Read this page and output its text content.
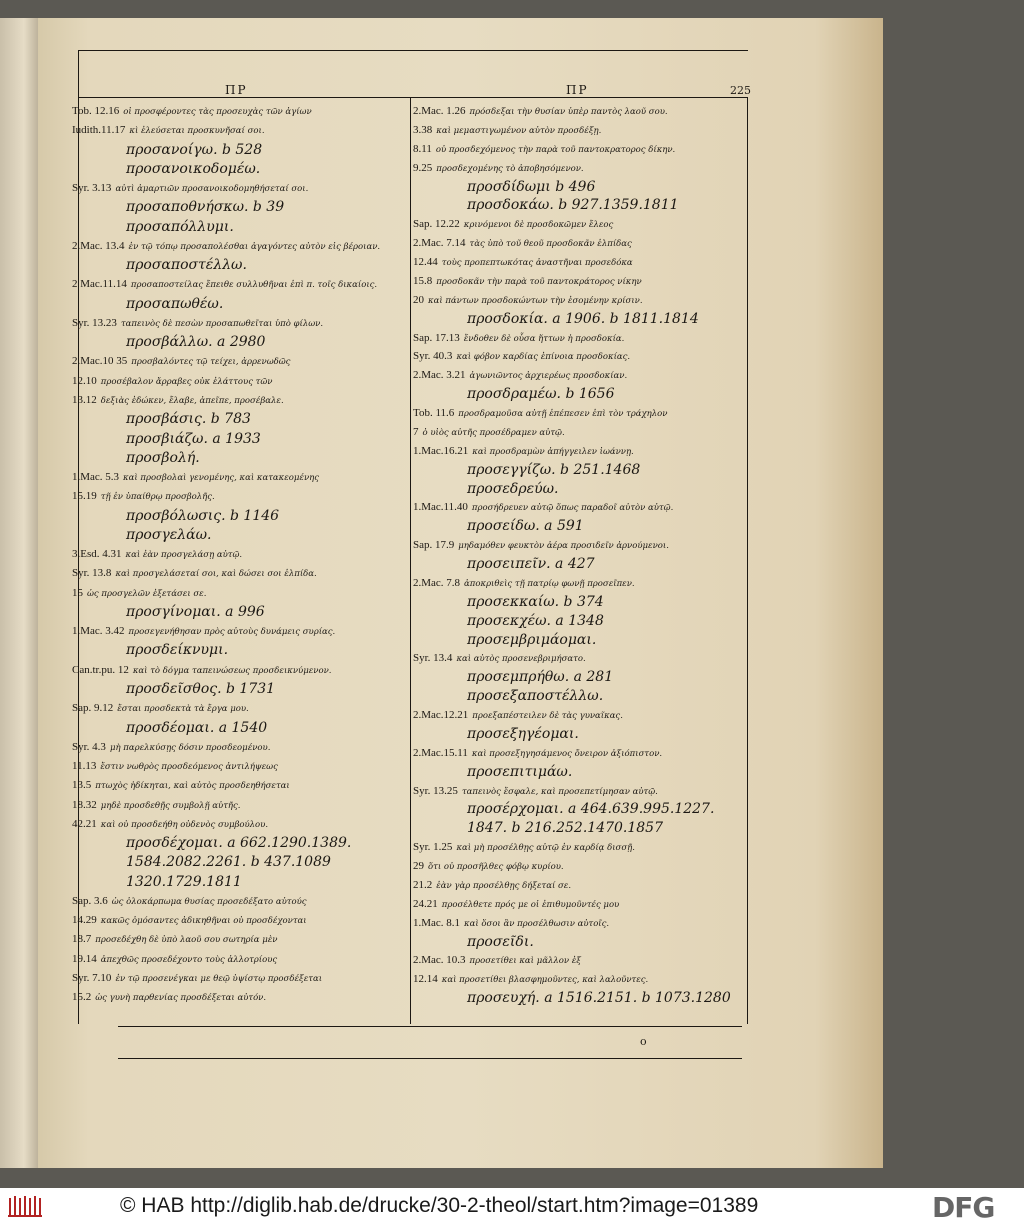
ΠΡ	ΠΡ	225
Tob. 12.16 οἱ προσφέροντες τὰς προσευχὰς τῶν ἁγίων
Iudith.11.17 κὶ ἐλεύσεται προσκυνῆσαί σοι.
προσανοίγω. b 528
προσανοικοδομέω.
Syr. 3.13 αὐτὶ ἁμαρτιῶν προσανοικοδομηθήσεταί σοι.
προσαποθνήσκω. b 39
προσαπόλλυμι.
2.Mac. 13.4 ἐν τῷ τόπῳ προσαπολέσθαι ἀγαγόντες αὐτὸν εἰς βέροιαν.
προσαποστέλλω.
2 Mac.11.14 προσαποστείλας ἔπειθε συλλυθῆναι ἐπὶ π. τοῖς δικαίοις.
προσαπωθέω.
Syr. 13.23 ταπεινὸς δὲ πεσὼν προσαπωθεῖται ὑπὸ φίλων.
προσβάλλω. a 2980
2.Mac.10 35 προσβαλόντες τῷ τείχει, ἀρρενωδῶς
12.10 προσέβαλον ἄρραβες οὐκ ἐλάττους τῶν
13.12 δεξιὰς ἐδώκεν, ἔλαβε, ἀπεῖπε, προσέβαλε.
προσβάσις. b 783
προσβιάζω. a 1933
προσβολή.
1.Mac. 5.3 καὶ προσβολαὶ γενομένης, καὶ κατακεομένης
15.19 τῇ ἐν ὑπαίθρῳ προσβολῆς.
προσβόλωσις. b 1146
προσγελάω.
3.Esd. 4.31 καὶ ἐὰν προσγελάσῃ αὐτῷ.
Syr. 13.8 καὶ προσγελάσεταί σοι, καὶ δώσει σοι ἐλπίδα.
15 ὡς προσγελῶν ἐξετάσει σε.
προσγίνομαι. a 996
1.Mac. 3.42 προσεγενήθησαν πρὸς αὐτοὺς δυνάμεις συρίας.
προσδείκνυμι.
Can.tr.pu. 12 καὶ τὸ δόγμα ταπεινώσεως προσδεικνύμενον.
προσδεῖσθος. b 1731
Sap. 9.12 ἔσται προσδεκτὰ τὰ ἔργα μου.
προσδέομαι. a 1540
Syr. 4.3 μὴ παρελκύσῃς δόσιν προσδεομένου.
11.13 ἔστιν νωθρὸς προσδεόμενος ἀντιλήψεως
13.5 πτωχὸς ἠδίκηται, καὶ αὐτὸς προσδεηθήσεται
18.32 μηδὲ προσδεθῇς συμβολῇ αὐτῆς.
42.21 καὶ οὐ προσδεήθη οὐδενὸς συμβούλου.
προσδέχομαι. a 662.1290.1389.
1584.2082.2261. b 437.1089
1320.1729.1811
Sap. 3.6 ὡς ὁλοκάρπωμα θυσίας προσεδέξατο αὐτούς
14.29 κακῶς ὀμόσαντες ἀδικηθῆναι οὐ προσδέχονται
18.7 προσεδέχθη δὲ ὑπὸ λαοῦ σου σωτηρία μὲν
19.14 ἀπεχθῶς προσεδέχοντο τοὺς ἀλλοτρίους
Syr. 7.10 ἐν τῷ προσενέγκαι με θεῷ ὑψίστῳ προσδέξεται
15.2 ὡς γυνὴ παρθενίας προσδέξεται αὐτόν.
2.Mac. 1.26 πρόσδεξαι τὴν θυσίαν ὑπὲρ παντὸς λαοῦ σου.
3.38 καὶ μεμαστιγωμένον αὐτὸν προσδέξῃ.
8.11 οὐ προσδεχόμενος τὴν παρὰ τοῦ παντοκρατορος δίκην.
9.25 προσδεχομένης τὸ ἀποβησόμενον.
προσδίδωμι b 496
προσδοκάω. b 927.1359.1811
Sap. 12.22 κρινόμενοι δὲ προσδοκῶμεν ἔλεος
2.Mac. 7.14 τὰς ὑπὸ τοῦ θεοῦ προσδοκᾶν ἐλπίδας
12.44 τοὺς προπεπτωκότας ἀναστῆναι προσεδόκα
15.8 προσδοκᾶν τὴν παρὰ τοῦ παντοκράτορος νίκην
20 καὶ πάντων προσδοκώντων τὴν ἐσομένην κρίσιν.
προσδοκία. a 1906. b 1811.1814
Sap. 17.13 ἔνδοθεν δὲ οὖσα ἥττων ἡ προσδοκία.
Syr. 40.3 καὶ φόβον καρδίας ἐπίνοια προσδοκίας.
2.Mac. 3.21 ἀγωνιῶντος ἀρχιερέως προσδοκίαν.
προσδραμέω. b 1656
Tob. 11.6 προσδραμοῦσα αὐτῇ ἐπέπεσεν ἐπὶ τὸν τράχηλον
7 ὁ υἱὸς αὐτῆς προσέδραμεν αὐτῷ.
1.Mac.16.21 καὶ προσδραμὼν ἀπήγγειλεν ἰωάννῃ.
προσεγγίζω. b 251.1468
προσεδρεύω.
1.Mac.11.40 προσήδρευεν αὐτῷ ὅπως παραδοῖ αὐτὸν αὐτῷ.
προσείδω. a 591
Sap. 17.9 μηδαμόθεν φευκτὸν ἀέρα προσιδεῖν ἀρνούμενοι.
προσειπεῖν. a 427
2.Mac. 7.8 ἀποκριθεὶς τῇ πατρίῳ φωνῇ προσεῖπεν.
προσεκκαίω. b 374
προσεκχέω. a 1348
προσεμβριμάομαι.
Syr. 13.4 καὶ αὐτὸς προσενεβριμήσατο.
προσεμπρήθω. a 281
προσεξαποστέλλω.
2.Mac.12.21 προεξαπέστειλεν δὲ τὰς γυναῖκας.
προσεξηγέομαι.
2.Mac.15.11 καὶ προσεξηγησάμενος ὄνειρον ἀξιόπιστον.
προσεπιτιμάω.
Syr. 13.25 ταπεινὸς ἔσφαλε, καὶ προσεπετίμησαν αὐτῷ.
προσέρχομαι. a 464.639.995.1227.
1847. b 216.252.1470.1857
Syr. 1.25 καὶ μὴ προσέλθῃς αὐτῷ ἐν καρδίᾳ δισσῇ.
29 ὅτι οὐ προσῆλθες φόβῳ κυρίου.
21.2 ἐὰν γὰρ προσέλθῃς δήξεταί σε.
24.21 προσέλθετε πρός με οἱ ἐπιθυμοῦντές μου
1.Mac. 8.1 καὶ ὅσοι ἂν προσέλθωσιν αὐτοῖς.
προσεῖδι.
2.Mac. 10.3 προσετίθει καὶ μᾶλλον ἐξ
12.14 καὶ προσετίθει βλασφημοῦντες, καὶ λαλοῦντες.
προσευχή. a 1516.2151. b 1073.1280
ο
© HAB http://diglib.hab.de/drucke/30-2-theol/start.htm?image=01389	DFG
